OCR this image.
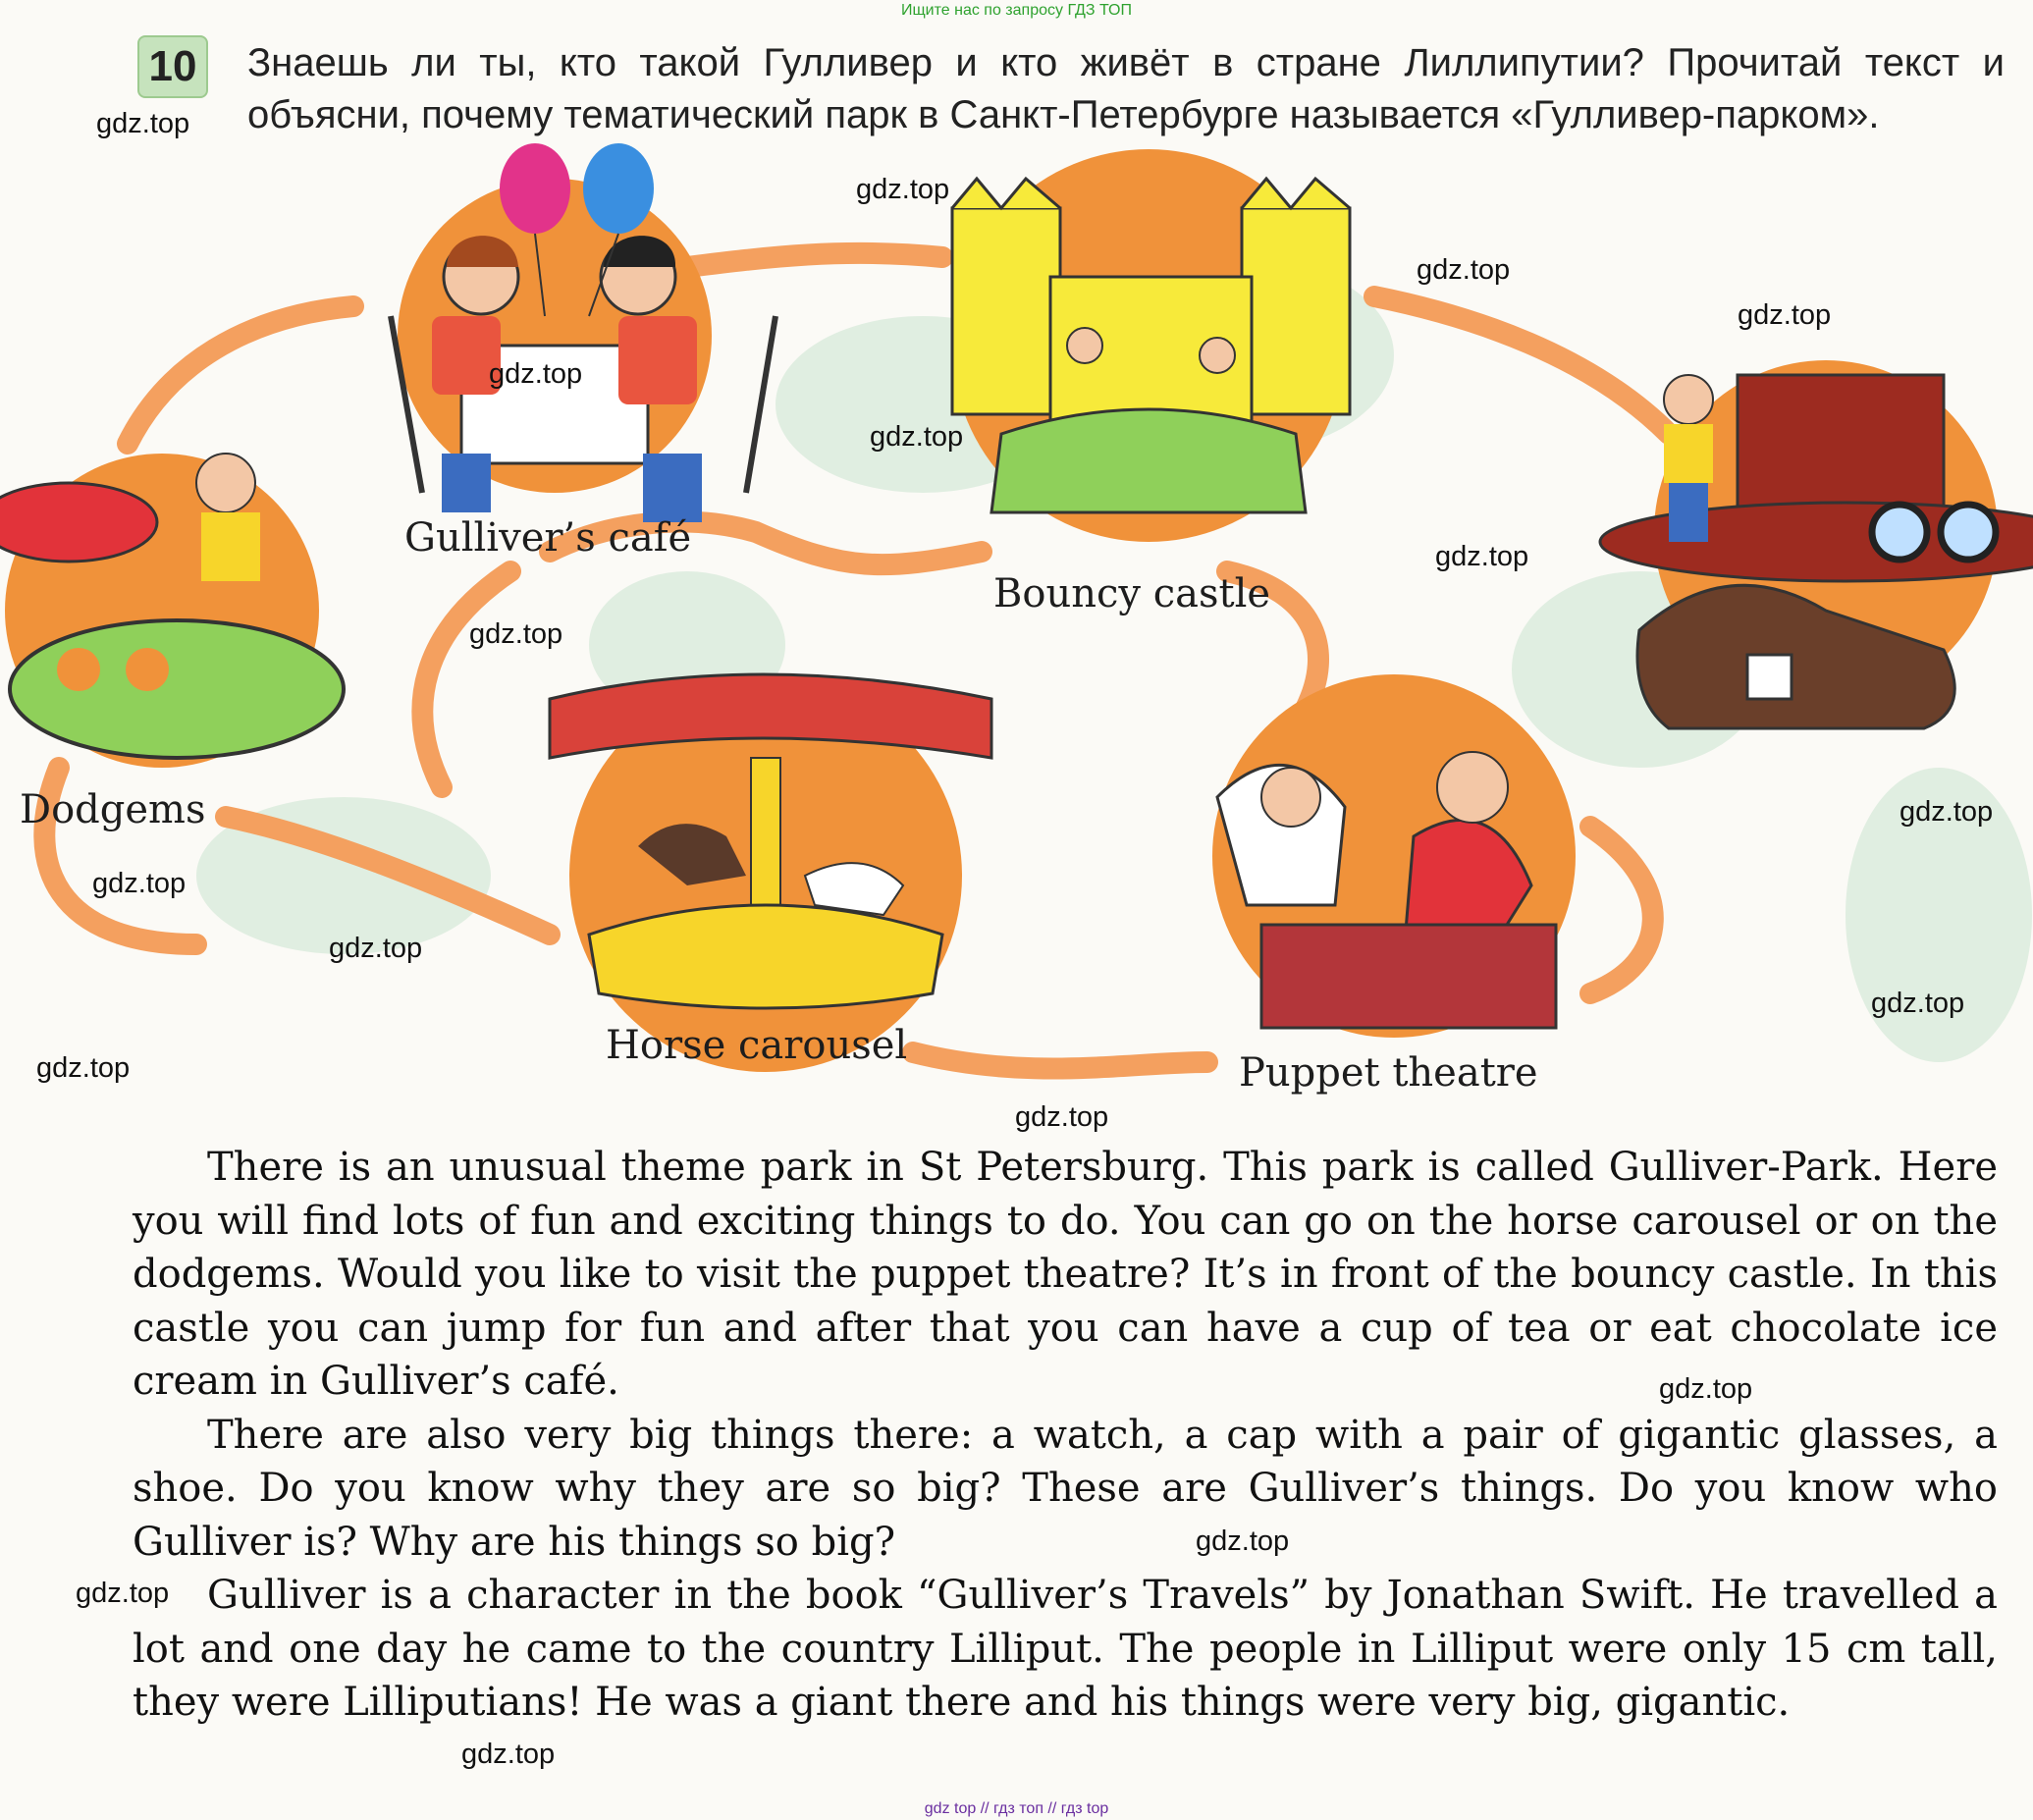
Ищите нас по запросу ГДЗ ТОП
10 Знаешь ли ты, кто такой Гулливер и кто живёт в стране Лиллипутии? Прочитай текст и объясни, почему тематический парк в Санкт-Петербурге называется «Гулливер-парком».
Gulliver’s café
Bouncy castle
Dodgems
Horse carousel
Puppet theatre
gdz.top
gdz.top
gdz.top
gdz.top
gdz.top
gdz.top
gdz.top
gdz.top
gdz.top
gdz.top
gdz.top
gdz.top
gdz.top
gdz.top
gdz.top
gdz.top
gdz.top
gdz.top

There is an unusual theme park in St Petersburg. This park is called Gulliver-Park. Here you will find lots of fun and exciting things to do. You can go on the horse carousel or on the dodgems. Would you like to visit the puppet theatre? It’s in front of the bouncy castle. In this castle you can jump for fun and after that you can have a cup of tea or eat chocolate ice cream in Gulliver’s café.

There are also very big things there: a watch, a cap with a pair of gigantic glasses, a shoe. Do you know why they are so big? These are Gulliver’s things. Do you know who Gulliver is? Why are his things so big?

Gulliver is a character in the book “Gulliver’s Travels” by Jonathan Swift. He travelled a lot and one day he came to the country Lilliput. The people in Lilliput were only 15 cm tall, they were Lilliputians! He was a giant there and his things were very big, gigantic.

gdz top // гдз топ // гдз top
